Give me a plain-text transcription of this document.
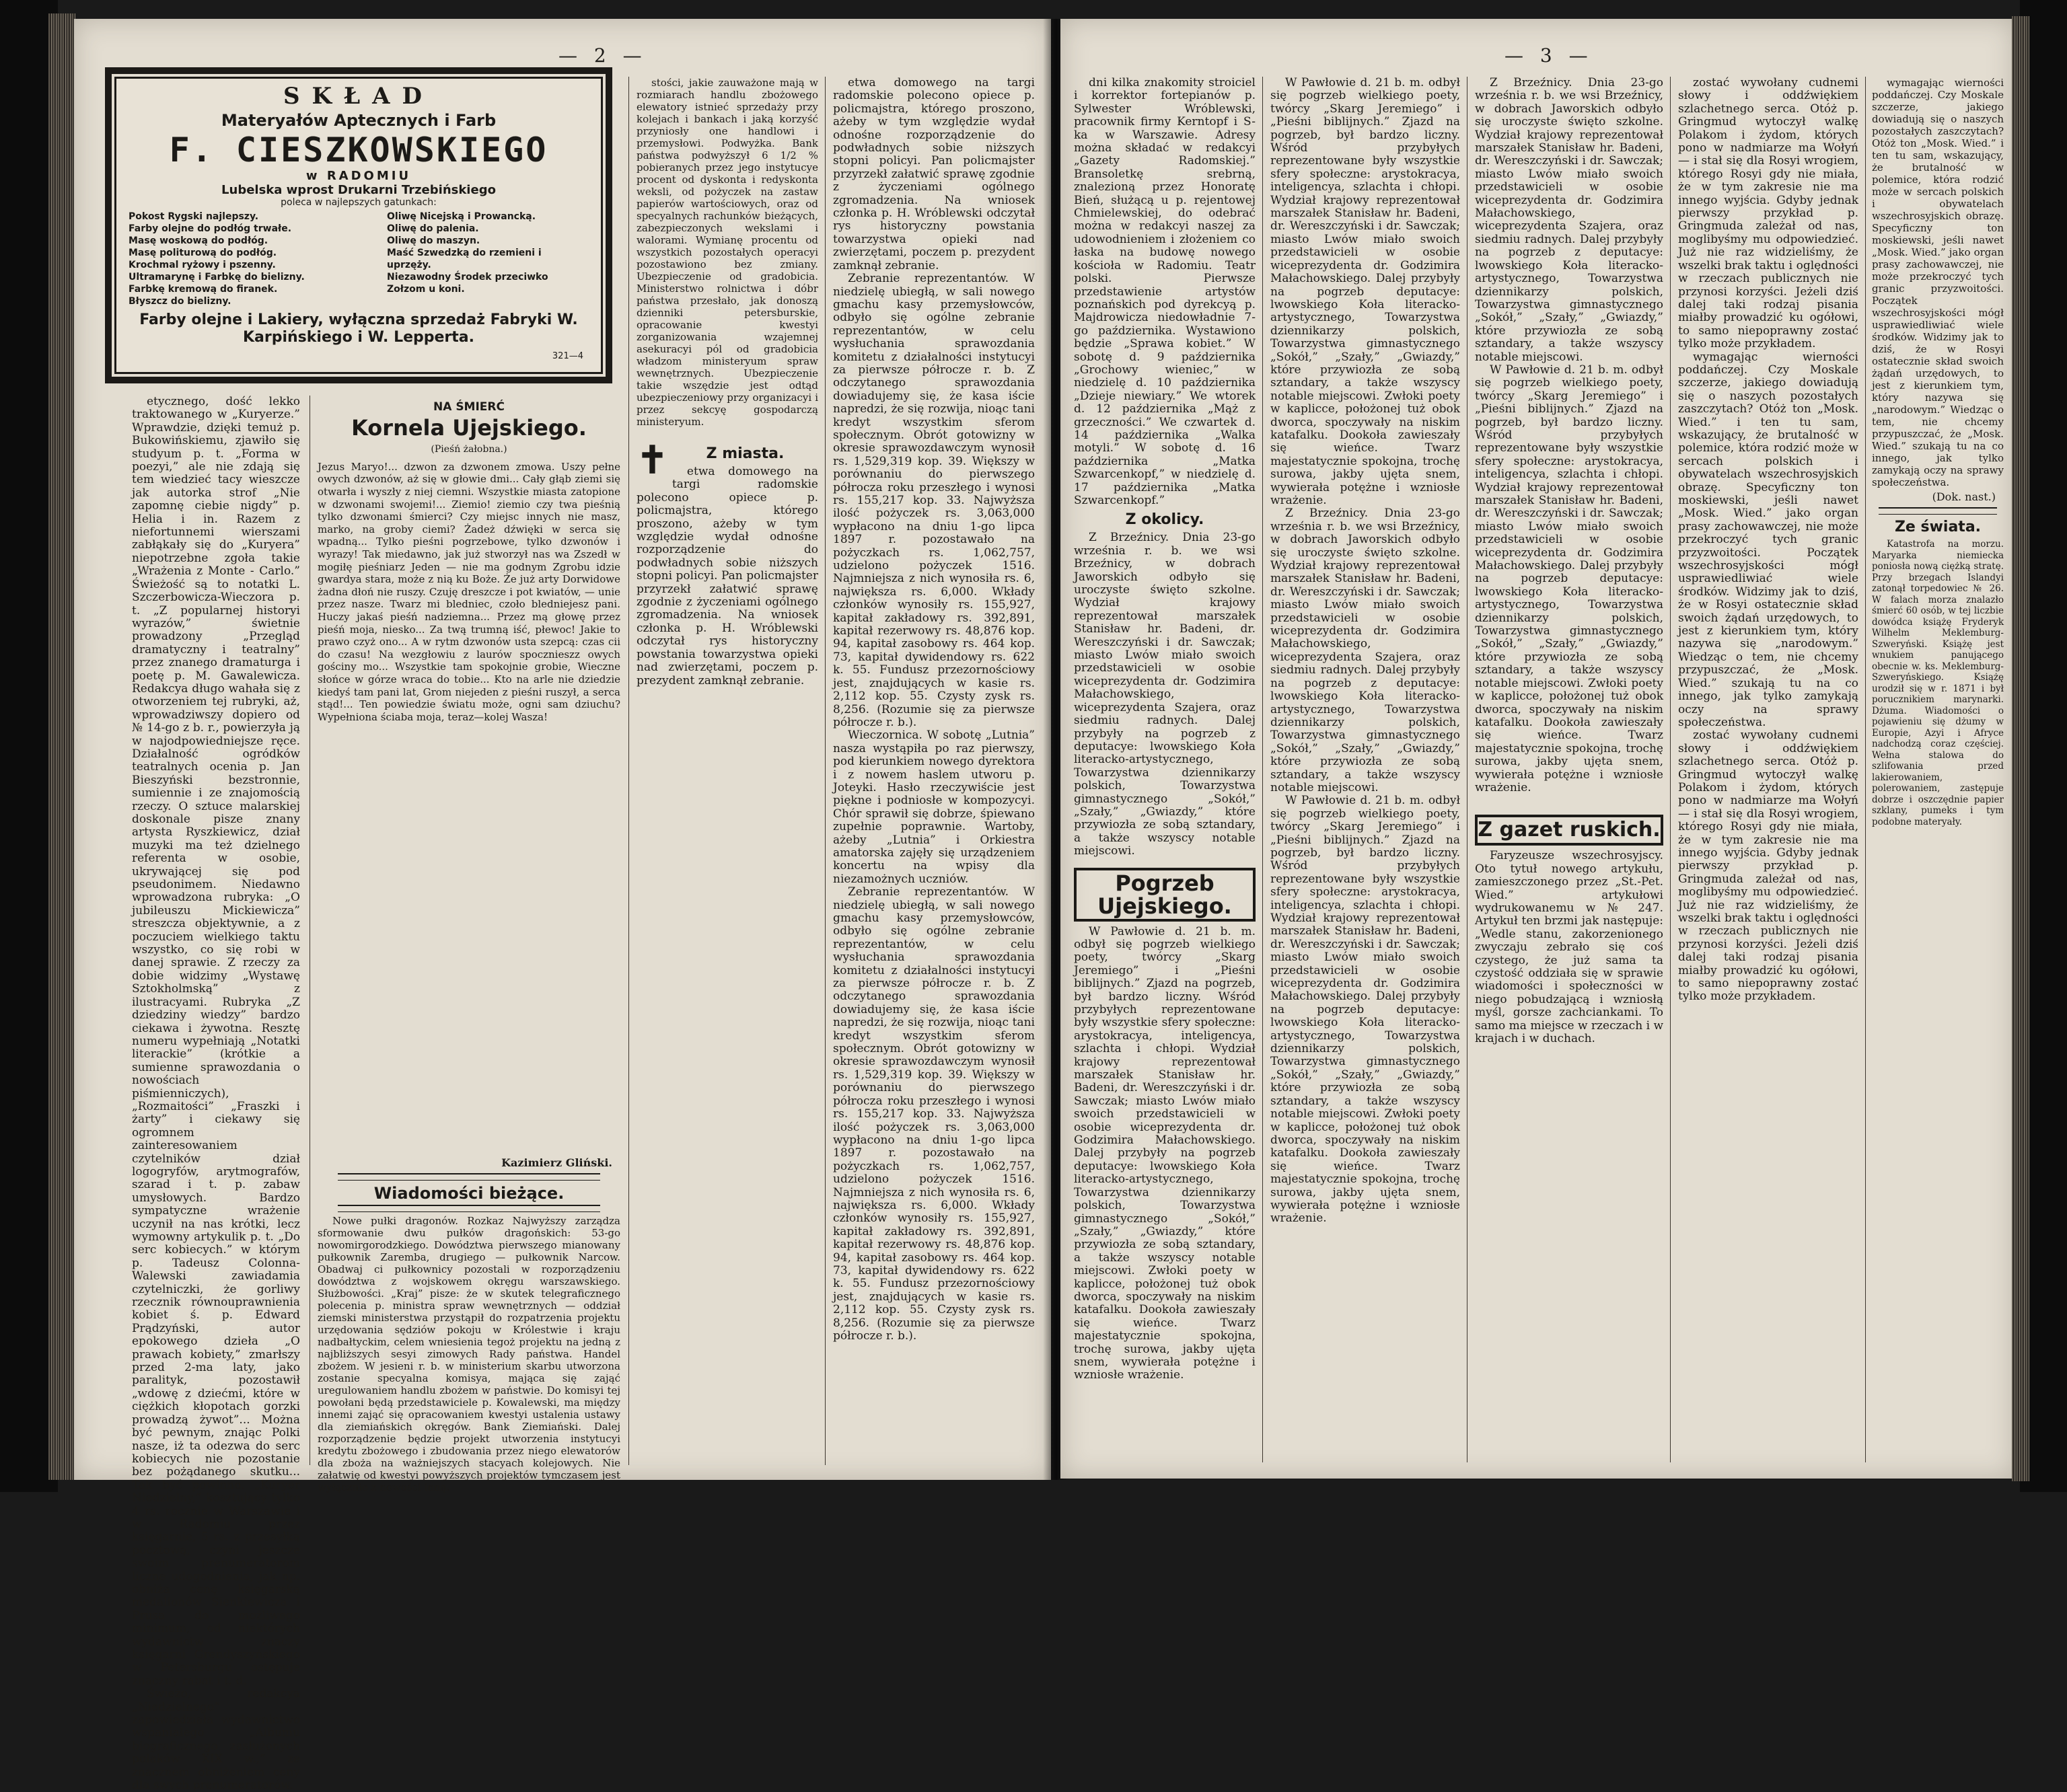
— 2 —
SKŁAD
Materyałów Aptecznych i Farb
F. CIESZKOWSKIEGO
w RADOMIU
Lubelska wprost Drukarni Trzebińskiego
poleca w najlepszych gatunkach:
Pokost Rygski najlepszy.
Farby olejne do podłóg trwałe.
Masę woskową do podłóg.
Masę politurową do podłóg.
Krochmal ryżowy i pszenny.
Ultramarynę i Farbkę do bielizny.
Farbkę kremową do firanek.
Błyszcz do bielizny.
Oliwę Nicejską i Prowancką.
Oliwę do palenia.
Oliwę do maszyn.
Maść Szwedzką do rzemieni i uprzęży.
Niezawodny Środek przeciwko Zołzom u koni.
Farby olejne i Lakiery, wyłączna sprzedaż Fabryki W. Karpińskiego i W. Lepperta.
321—4

etycznego, dość lekko traktowanego w „Kuryerze.” Wprawdzie, dzięki temuż p. Bukowińskiemu, zjawiło się studyum p. t. „Forma w poezyi,” ale nie zdają się tem wiedzieć tacy wieszcze jak autorka strof „Nie zapomnę ciebie nigdy” p. Helia i in. Razem z niefortunnemi wierszami zabłąkały się do „Kuryera” niepotrzebne zgoła takie „Wrażenia z Monte - Carlo.” Świeżość są to notatki L. Szczerbowicza-Wieczora p. t. „Z popularnej historyi wyrazów,” świetnie prowadzony „Przegląd dramatyczny i teatralny” przez znanego dramaturga i poetę p. M. Gawalewicza. Redakcya długo wahała się z otworzeniem tej rubryki, aż, wprowadziwszy dopiero od № 14-go z b. r., powierzyła ją w najodpowiedniejsze ręce. Działalność ogródków teatralnych ocenia p. Jan Bieszyński bezstronnie, sumiennie i ze znajomością rzeczy. O sztuce malarskiej doskonale pisze znany artysta Ryszkiewicz, dział muzyki ma też dzielnego referenta w osobie, ukrywającej się pod pseudonimem. Niedawno wprowadzona rubryka: „O jubileuszu Mickiewicza” streszcza objektywnie, a z poczuciem wielkiego taktu wszystko, co się robi w danej sprawie. Z rzeczy za dobie widzimy „Wystawę Sztokholmską” z ilustracyami. Rubryka „Z dziedziny wiedzy” bardzo ciekawa i żywotna. Resztę numeru wypełniają „Notatki literackie” (krótkie a sumienne sprawozdania o nowościach piśmienniczych), „Rozmaitości” „Fraszki i żarty” i ciekawy się ogromnem zainteresowaniem czytelników dział logogryfów, arytmografów, szarad i t. p. zabaw umysłowych. Bardzo sympatyczne wrażenie uczynił na nas krótki, lecz wymowny artykulik p. t. „Do serc kobiecych.” w którym p. Tadeusz Colonna-Walewski zawiadamia czytelniczki, że gorliwy rzecznik równouprawnienia kobiet ś. p. Edward Prądzyński, autor epokowego dzieła „O prawach kobiety,” zmarłszy przed 2-ma laty, jako paralityk, pozostawił „wdowę z dziećmi, które w ciężkich kłopotach gorzki prowadzą żywot”... Można być pewnym, znając Polki nasze, iż ta odezwa do serc kobiecych nie pozostanie bez pożądanego skutku... Tak być powinno. „Kuryer Niedzielny,” kosztujący tylko 4 rs. rocznie w Warszawie i w Radomiu przez księgarnie, 5 rs. z przesyłką pocztową, czyni jeszcze swoim prenumeratorom liczne udogodnienia, jak np. obniża cenę księgarską medalionów Sienkiewicza i Prusa do możliwego minimum, od niektórych wydawnictw znaczy księgarni Grendyszyńskiego w Petersburgu ostępuje znaczny rabat i t. d.

Świeżo, redakcya „Niedzielnego” zapowiedziała wydawnictwo wspaniałego „Albumu biograficznego zasłużonych polaków XIX w.,” ze znacznem obniżeniem ceny dla swych prenumeratorów.

NA ŚMIERĆ
Kornela Ujejskiego.
(Pieśń żałobna.)

Jezus Maryo!... dzwon za dzwonem zmowa. Uszy pełne owych dzwonów, aż się w głowie dmi... Cały głąb ziemi się otwarła i wyszły z niej ciemni. Wszystkie miasta zatopione w dzwonami swojemi!... Ziemio! ziemio czy twa pieśnią tylko dzwonami śmierci? Czy miejsc innych nie masz, marko, na groby ciemi? Żadeż dźwięki w serca się wpadną... Tylko pieśni pogrzebowe, tylko dzwonów i wyrazy! Tak miedawno, jak już stworzył nas wa Zszedł w mogiłę pieśniarz Jeden — nie ma godnym Zgrobu idzie gwardya stara, może z nią ku Boże. Że już arty Dorwidowe żadna dłoń nie ruszy. Czuję dreszcze i pot kwiatów, — unie przez nasze. Twarz mi bledniec, czoło bledniejesz pani. Huczy jakaś pieśń nadziemna... Przez mą głowę przez pieśń moja, niesko... Za twą trumną iść, płewoc! Jakie to prawo czyż ono... A w rytm dzwonów usta szepcą: czas cii do czasu! Na wezgłowiu z laurów spocznieszz owych gościny mo... Wszystkie tam spokojnie grobie, Wieczne słońce w górze wraca do tobie... Kto na arle nie dziedzie kiedyś tam pani lat, Grom niejeden z pieśni ruszył, a serca stąd!... Ten powiedzie światu może, ogni sam dziuchu? Wypełniona ściaba moja, teraz—kolej Wasza!

Kazimierz Gliński.
Wiadomości bieżące.

Nowe pułki dragonów. Rozkaz Najwyższy zarządza sformowanie dwu pułków dragońskich: 53-go nowomirgorodzkiego. Dowództwa pierwszego mianowany pułkownik Zaremba, drugiego — pułkownik Narcow. Obadwaj ci pułkownicy pozostali w rozporządzeniu dowództwa z wojskowem okręgu warszawskiego. Służbowości. „Kraj” pisze: że w skutek telegraficznego polecenia p. ministra spraw wewnętrznych — oddział ziemski ministerstwa przystąpił do rozpatrzenia projektu urzędowania sędziów pokoju w Królestwie i kraju nadbałtyckim, celem wniesienia tegoż projektu na jedną z najbliższych sesyi zimowych Rady państwa. Handel zbożem. W jesieni r. b. w ministerium skarbu utworzona zostanie specyalna komisya, mająca się zająć uregulowaniem handlu zbożem w państwie. Do komisyi tej powołani będą przedstawiciele p. Kowalewski, ma między innemi zająć się opracowaniem kwestyi ustalenia ustawy dla ziemiańskich okręgów. Bank Ziemiański. Dalej rozporządzenie będzie projekt utworzenia instytucyi kredytu zbożowego i zbudowania przez niego elewatorów dla zboża na ważniejszych stacyach kolejowych. Nie załatwię od kwestyi powyższych projektów tymczasem jest wyłącznie z nowości inną.

stości, jakie zauważone mają w rozmiarach handlu zbożowego elewatory istnieć sprzedaży przy kolejach i bankach i jaką korzyść przyniosły one handlowi i przemysłowi. Podwyżka. Bank państwa podwyższył 6 1/2 % pobieranych przez jego instytucye procent od dyskonta i redyskonta weksli, od pożyczek na zastaw papierów wartościowych, oraz od specyalnych rachunków bieżących, zabezpieczonych wekslami i walorami. Wymianę procentu od wszystkich pozostałych operacyi pozostawiono bez zmiany. Ubezpieczenie od gradobicia. Ministerstwo rolnictwa i dóbr państwa przesłało, jak donoszą dzienniki petersburskie, opracowanie kwestyi zorganizowania wzajemnej asekuracyi pól od gradobicia władzom ministeryum spraw wewnętrznych. Ubezpieczenie takie wszędzie jest odtąd ubezpieczeniowy przy organizacyi i przez sekcyę gospodarczą ministeryum.

✝	Z miasta.

etwa domowego na targi radomskie polecono opiece p. policmajstra, którego proszono, ażeby w tym względzie wydał odnośne rozporządzenie do podwładnych sobie niższych stopni policyi. Pan policmajster przyrzekł załatwić sprawę zgodnie z życzeniami ogólnego zgromadzenia. Na wniosek członka p. H. Wróblewski odczytał rys historyczny powstania towarzystwa opieki nad zwierzętami, poczem p. prezydent zamknął zebranie.

etwa domowego na targi radomskie polecono opiece p. policmajstra, którego proszono, ażeby w tym względzie wydał odnośne rozporządzenie do podwładnych sobie niższych stopni policyi. Pan policmajster przyrzekł załatwić sprawę zgodnie z życzeniami ogólnego zgromadzenia. Na wniosek członka p. H. Wróblewski odczytał rys historyczny powstania towarzystwa opieki nad zwierzętami, poczem p. prezydent zamknął zebranie.

Zebranie reprezentantów. W niedzielę ubiegłą, w sali nowego gmachu kasy przemysłowców, odbyło się ogólne zebranie reprezentantów, w celu wysłuchania sprawozdania komitetu z działalności instytucyi za pierwsze półrocze r. b. Z odczytanego sprawozdania dowiadujemy się, że kasa iście napredzi, że się rozwija, nioąc tani kredyt wszystkim sferom społecznym. Obrót gotowizny w okresie sprawozdawczym wynosił rs. 1,529,319 kop. 39. Większy w porównaniu do pierwszego półrocza roku przeszłego i wynosi rs. 155,217 kop. 33. Najwyższa ilość pożyczek rs. 3,063,000 wypłacono na dniu 1-go lipca 1897 r. pozostawało na pożyczkach rs. 1,062,757, udzielono pożyczek 1516. Najmniejsza z nich wynosiła rs. 6, największa rs. 6,000. Wkłady członków wynosiły rs. 155,927, kapitał zakładowy rs. 392,891, kapitał rezerwowy rs. 48,876 kop. 94, kapitał zasobowy rs. 464 kop. 73, kapitał dywidendowy rs. 622 k. 55. Fundusz przezornościowy jest, znajdujących w kasie rs. 2,112 kop. 55. Czysty zysk rs. 8,256. (Rozumie się za pierwsze półrocze r. b.).

Wieczornica. W sobotę „Lutnia” nasza wystąpiła po raz pierwszy, pod kierunkiem nowego dyrektora i z nowem haslem utworu p. Joteyki. Hasło rzeczywiście jest piękne i podniosłe w kompozycyi. Chór sprawił się dobrze, śpiewano zupełnie poprawnie. Wartoby, ażeby „Lutnia” i Orkiestra amatorska zajęły się urządzeniem koncertu na wpisy dla niezamożnych uczniów.

Zebranie reprezentantów. W niedzielę ubiegłą, w sali nowego gmachu kasy przemysłowców, odbyło się ogólne zebranie reprezentantów, w celu wysłuchania sprawozdania komitetu z działalności instytucyi za pierwsze półrocze r. b. Z odczytanego sprawozdania dowiadujemy się, że kasa iście napredzi, że się rozwija, nioąc tani kredyt wszystkim sferom społecznym. Obrót gotowizny w okresie sprawozdawczym wynosił rs. 1,529,319 kop. 39. Większy w porównaniu do pierwszego półrocza roku przeszłego i wynosi rs. 155,217 kop. 33. Najwyższa ilość pożyczek rs. 3,063,000 wypłacono na dniu 1-go lipca 1897 r. pozostawało na pożyczkach rs. 1,062,757, udzielono pożyczek 1516. Najmniejsza z nich wynosiła rs. 6, największa rs. 6,000. Wkłady członków wynosiły rs. 155,927, kapitał zakładowy rs. 392,891, kapitał rezerwowy rs. 48,876 kop. 94, kapitał zasobowy rs. 464 kop. 73, kapitał dywidendowy rs. 622 k. 55. Fundusz przezornościowy jest, znajdujących w kasie rs. 2,112 kop. 55. Czysty zysk rs. 8,256. (Rozumie się za pierwsze półrocze r. b.).

— 3 —

dni kilka znakomity stroiciel i korrektor fortepianów p. Sylwester Wróblewski, pracownik firmy Kerntopf i S-ka w Warszawie. Adresy można składać w redakcyi „Gazety Radomskiej.” Bransoletkę srebrną, znalezioną przez Honoratę Bień, służącą u p. rejentowej Chmielewskiej, do odebrać można w redakcyi naszej za udowodnieniem i złożeniem co łaska na budowę nowego kościoła w Radomiu. Teatr polski. Pierwsze przedstawienie artystów poznańskich pod dyrekcyą p. Majdrowicza niedowładnie 7-go października. Wystawiono będzie „Sprawa kobiet.” W sobotę d. 9 października „Grochowy wieniec,” w niedzielę d. 10 października „Dzieje niewiary.” We wtorek d. 12 października „Mąż z grzeczności.” We czwartek d. 14 października „Walka motyli.” W sobotę d. 16 października „Matka Szwarcenkopf,” w niedzielę d. 17 października „Matka Szwarcenkopf.”

Z okolicy.

Z Brzeźnicy. Dnia 23-go września r. b. we wsi Brzeźnicy, w dobrach Jaworskich odbyło się uroczyste święto szkolne. Wydział krajowy reprezentował marszałek Stanisław hr. Badeni, dr. Wereszczyński i dr. Sawczak; miasto Lwów miało swoich przedstawicieli w osobie wiceprezydenta dr. Godzimira Małachowskiego, wiceprezydenta Szajera, oraz siedmiu radnych. Dalej przybyły na pogrzeb z deputacye: lwowskiego Koła literacko-artystycznego, Towarzystwa dziennikarzy polskich, Towarzystwa gimnastycznego „Sokół,” „Szały,” „Gwiazdy,” które przywiozła ze sobą sztandary, a także wszyscy notable miejscowi.

Pogrzeb Ujejskiego.

W Pawłowie d. 21 b. m. odbył się pogrzeb wielkiego poety, twórcy „Skarg Jeremiego” i „Pieśni biblijnych.” Zjazd na pogrzeb, był bardzo liczny. Wśród przybyłych reprezentowane były wszystkie sfery społeczne: arystokracya, inteligencya, szlachta i chłopi. Wydział krajowy reprezentował marszałek Stanisław hr. Badeni, dr. Wereszczyński i dr. Sawczak; miasto Lwów miało swoich przedstawicieli w osobie wiceprezydenta dr. Godzimira Małachowskiego. Dalej przybyły na pogrzeb deputacye: lwowskiego Koła literacko-artystycznego, Towarzystwa dziennikarzy polskich, Towarzystwa gimnastycznego „Sokół,” „Szały,” „Gwiazdy,” które przywiozła ze sobą sztandary, a także wszyscy notable miejscowi. Zwłoki poety w kaplicce, położonej tuż obok dworca, spoczywały na niskim katafalku. Dookoła zawieszały się wieńce. Twarz majestatycznie spokojna, trochę surowa, jakby ujęta snem, wywierała potężne i wzniosłe wrażenie.

W Pawłowie d. 21 b. m. odbył się pogrzeb wielkiego poety, twórcy „Skarg Jeremiego” i „Pieśni biblijnych.” Zjazd na pogrzeb, był bardzo liczny. Wśród przybyłych reprezentowane były wszystkie sfery społeczne: arystokracya, inteligencya, szlachta i chłopi. Wydział krajowy reprezentował marszałek Stanisław hr. Badeni, dr. Wereszczyński i dr. Sawczak; miasto Lwów miało swoich przedstawicieli w osobie wiceprezydenta dr. Godzimira Małachowskiego. Dalej przybyły na pogrzeb deputacye: lwowskiego Koła literacko-artystycznego, Towarzystwa dziennikarzy polskich, Towarzystwa gimnastycznego „Sokół,” „Szały,” „Gwiazdy,” które przywiozła ze sobą sztandary, a także wszyscy notable miejscowi. Zwłoki poety w kaplicce, położonej tuż obok dworca, spoczywały na niskim katafalku. Dookoła zawieszały się wieńce. Twarz majestatycznie spokojna, trochę surowa, jakby ujęta snem, wywierała potężne i wzniosłe wrażenie.

Z Brzeźnicy. Dnia 23-go września r. b. we wsi Brzeźnicy, w dobrach Jaworskich odbyło się uroczyste święto szkolne. Wydział krajowy reprezentował marszałek Stanisław hr. Badeni, dr. Wereszczyński i dr. Sawczak; miasto Lwów miało swoich przedstawicieli w osobie wiceprezydenta dr. Godzimira Małachowskiego, wiceprezydenta Szajera, oraz siedmiu radnych. Dalej przybyły na pogrzeb z deputacye: lwowskiego Koła literacko-artystycznego, Towarzystwa dziennikarzy polskich, Towarzystwa gimnastycznego „Sokół,” „Szały,” „Gwiazdy,” które przywiozła ze sobą sztandary, a także wszyscy notable miejscowi.

W Pawłowie d. 21 b. m. odbył się pogrzeb wielkiego poety, twórcy „Skarg Jeremiego” i „Pieśni biblijnych.” Zjazd na pogrzeb, był bardzo liczny. Wśród przybyłych reprezentowane były wszystkie sfery społeczne: arystokracya, inteligencya, szlachta i chłopi. Wydział krajowy reprezentował marszałek Stanisław hr. Badeni, dr. Wereszczyński i dr. Sawczak; miasto Lwów miało swoich przedstawicieli w osobie wiceprezydenta dr. Godzimira Małachowskiego. Dalej przybyły na pogrzeb deputacye: lwowskiego Koła literacko-artystycznego, Towarzystwa dziennikarzy polskich, Towarzystwa gimnastycznego „Sokół,” „Szały,” „Gwiazdy,” które przywiozła ze sobą sztandary, a także wszyscy notable miejscowi. Zwłoki poety w kaplicce, położonej tuż obok dworca, spoczywały na niskim katafalku. Dookoła zawieszały się wieńce. Twarz majestatycznie spokojna, trochę surowa, jakby ujęta snem, wywierała potężne i wzniosłe wrażenie.

Z Brzeźnicy. Dnia 23-go września r. b. we wsi Brzeźnicy, w dobrach Jaworskich odbyło się uroczyste święto szkolne. Wydział krajowy reprezentował marszałek Stanisław hr. Badeni, dr. Wereszczyński i dr. Sawczak; miasto Lwów miało swoich przedstawicieli w osobie wiceprezydenta dr. Godzimira Małachowskiego, wiceprezydenta Szajera, oraz siedmiu radnych. Dalej przybyły na pogrzeb z deputacye: lwowskiego Koła literacko-artystycznego, Towarzystwa dziennikarzy polskich, Towarzystwa gimnastycznego „Sokół,” „Szały,” „Gwiazdy,” które przywiozła ze sobą sztandary, a także wszyscy notable miejscowi.

W Pawłowie d. 21 b. m. odbył się pogrzeb wielkiego poety, twórcy „Skarg Jeremiego” i „Pieśni biblijnych.” Zjazd na pogrzeb, był bardzo liczny. Wśród przybyłych reprezentowane były wszystkie sfery społeczne: arystokracya, inteligencya, szlachta i chłopi. Wydział krajowy reprezentował marszałek Stanisław hr. Badeni, dr. Wereszczyński i dr. Sawczak; miasto Lwów miało swoich przedstawicieli w osobie wiceprezydenta dr. Godzimira Małachowskiego. Dalej przybyły na pogrzeb deputacye: lwowskiego Koła literacko-artystycznego, Towarzystwa dziennikarzy polskich, Towarzystwa gimnastycznego „Sokół,” „Szały,” „Gwiazdy,” które przywiozła ze sobą sztandary, a także wszyscy notable miejscowi. Zwłoki poety w kaplicce, położonej tuż obok dworca, spoczywały na niskim katafalku. Dookoła zawieszały się wieńce. Twarz majestatycznie spokojna, trochę surowa, jakby ujęta snem, wywierała potężne i wzniosłe wrażenie.

Z gazet ruskich.

Faryzeusze wszechrosyjscy. Oto tytuł nowego artykułu, zamieszczonego przez „St.-Pet. Wied.” artykułowi wydrukowanemu w № 247. Artykuł ten brzmi jak następuje: „Wedle stanu, zakorzenionego zwyczaju zebrało się coś czystego, że już sama ta czystość oddziała się w sprawie wiadomości i społeczności w niego pobudzającą i wzniosłą myśl, gorsze zachciankami. To samo ma miejsce w rzeczach i w krajach i w duchach.

zostać wywołany cudnemi słowy i oddźwiękiem szlachetnego serca. Otóż p. Gringmud wytoczył walkę Polakom i żydom, których pono w nadmiarze ma Wołyń — i stał się dla Rosyi wrogiem, którego Rosyi gdy nie miała, że w tym zakresie nie ma innego wyjścia. Gdyby jednak pierwszy przykład p. Gringmuda zależał od nas, moglibyśmy mu odpowiedzieć. Już nie raz widzieliśmy, że wszelki brak taktu i oględności w rzeczach publicznych nie przynosi korzyści. Jeżeli dziś dalej taki rodzaj pisania miałby prowadzić ku ogółowi, to samo niepoprawny zostać tylko może przykładem.

wymagając wierności poddańczej. Czy Moskale szczerze, jakiego dowiadują się o naszych pozostałych zaszczytach? Otóż ton „Mosk. Wied.” i ten tu sam, wskazujący, że brutalność w polemice, która rodzić może w sercach polskich i obywatelach wszechrosyjskich obrazę. Specyficzny ton moskiewski, jeśli nawet „Mosk. Wied.” jako organ prasy zachowawczej, nie może przekroczyć tych granic przyzwoitości. Początek wszechrosyjskości mógł usprawiedliwiać wiele środków. Widzimy jak to dziś, że w Rosyi ostatecznie skład swoich żądań urzędowych, to jest z kierunkiem tym, który nazywa się „narodowym.” Wiedząc o tem, nie chcemy przypuszczać, że „Mosk. Wied.” szukają tu na co innego, jak tylko zamykają oczy na sprawy społeczeństwa.

zostać wywołany cudnemi słowy i oddźwiękiem szlachetnego serca. Otóż p. Gringmud wytoczył walkę Polakom i żydom, których pono w nadmiarze ma Wołyń — i stał się dla Rosyi wrogiem, którego Rosyi gdy nie miała, że w tym zakresie nie ma innego wyjścia. Gdyby jednak pierwszy przykład p. Gringmuda zależał od nas, moglibyśmy mu odpowiedzieć. Już nie raz widzieliśmy, że wszelki brak taktu i oględności w rzeczach publicznych nie przynosi korzyści. Jeżeli dziś dalej taki rodzaj pisania miałby prowadzić ku ogółowi, to samo niepoprawny zostać tylko może przykładem.

wymagając wierności poddańczej. Czy Moskale szczerze, jakiego dowiadują się o naszych pozostałych zaszczytach? Otóż ton „Mosk. Wied.” i ten tu sam, wskazujący, że brutalność w polemice, która rodzić może w sercach polskich i obywatelach wszechrosyjskich obrazę. Specyficzny ton moskiewski, jeśli nawet „Mosk. Wied.” jako organ prasy zachowawczej, nie może przekroczyć tych granic przyzwoitości. Początek wszechrosyjskości mógł usprawiedliwiać wiele środków. Widzimy jak to dziś, że w Rosyi ostatecznie skład swoich żądań urzędowych, to jest z kierunkiem tym, który nazywa się „narodowym.” Wiedząc o tem, nie chcemy przypuszczać, że „Mosk. Wied.” szukają tu na co innego, jak tylko zamykają oczy na sprawy społeczeństwa.

(Dok. nast.)
Ze świata.

Katastrofa na morzu. Maryarka niemiecka poniosła nową ciężką stratę. Przy brzegach Islandyi zatonął torpedowiec № 26. W falach morza znalazło śmierć 60 osób, w tej liczbie dowódca książę Fryderyk Wilhelm Meklemburg-Szweryński. Książę jest wnukiem panującego obecnie w. ks. Meklemburg-Szweryńskiego. Książę urodził się w r. 1871 i był porucznikiem marynarki. Dżuma. Wiadomości o pojawieniu się dżumy w Europie, Azyi i Afryce nadchodzą coraz częściej. Wełna stalowa do szlifowania przed lakierowaniem, polerowaniem, zastępuje dobrze i oszczędnie papier szklany, pumeks i tym podobne materyały.
